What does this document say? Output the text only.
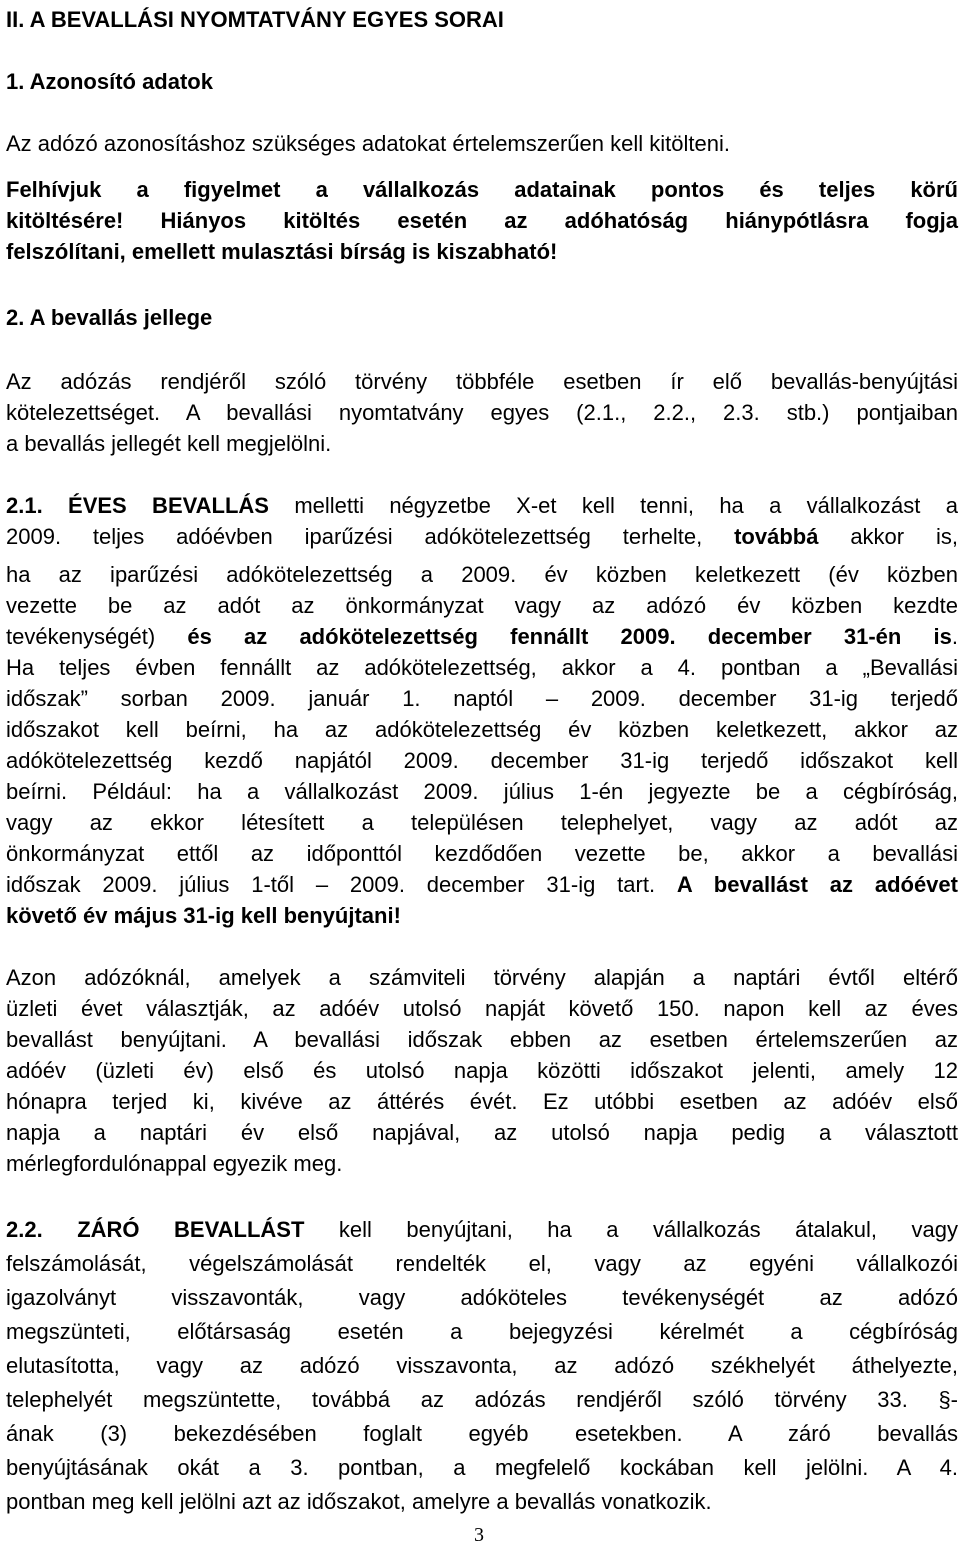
II. A BEVALLÁSI NYOMTATVÁNY EGYES SORAI
1. Azonosító adatok
Az adózó azonosításhoz szükséges adatokat értelemszerűen kell kitölteni.
Felhívjuk a figyelmet a vállalkozás adatainak pontos és teljes körű
kitöltésére! Hiányos kitöltés esetén az adóhatóság hiánypótlásra fogja
felszólítani, emellett mulasztási bírság is kiszabható!
2. A bevallás jellege
Az adózás rendjéről szóló törvény többféle esetben ír elő bevallás-benyújtási
kötelezettséget. A bevallási nyomtatvány egyes (2.1., 2.2., 2.3. stb.) pontjaiban
a bevallás jellegét kell megjelölni.
2.1. ÉVES BEVALLÁS melletti négyzetbe X-et kell tenni, ha a vállalkozást a
2009. teljes adóévben iparűzési adókötelezettség terhelte, továbbá akkor is,
ha az iparűzési adókötelezettség a 2009. év közben keletkezett (év közben
vezette be az adót az önkormányzat vagy az adózó év közben kezdte
tevékenységét) és az adókötelezettség fennállt 2009. december 31-én is.
Ha teljes évben fennállt az adókötelezettség, akkor a 4. pontban a „Bevallási
időszak” sorban 2009. január 1. naptól – 2009. december 31-ig terjedő
időszakot kell beírni, ha az adókötelezettség év közben keletkezett, akkor az
adókötelezettség kezdő napjától 2009. december 31-ig terjedő időszakot kell
beírni. Például: ha a vállalkozást 2009. július 1-én jegyezte be a cégbíróság,
vagy az ekkor létesített a településen telephelyet, vagy az adót az
önkormányzat ettől az időponttól kezdődően vezette be, akkor a bevallási
időszak 2009. július 1-től – 2009. december 31-ig tart. A bevallást az adóévet
követő év május 31-ig kell benyújtani!
Azon adózóknál, amelyek a számviteli törvény alapján a naptári évtől eltérő
üzleti évet választják, az adóév utolsó napját követő 150. napon kell az éves
bevallást benyújtani. A bevallási időszak ebben az esetben értelemszerűen az
adóév (üzleti év) első és utolsó napja közötti időszakot jelenti, amely 12
hónapra terjed ki, kivéve az áttérés évét. Ez utóbbi esetben az adóév első
napja a naptári év első napjával, az utolsó napja pedig a választott
mérlegfordulónappal egyezik meg.
2.2. ZÁRÓ BEVALLÁST kell benyújtani, ha a vállalkozás átalakul, vagy
felszámolását, végelszámolását rendelték el, vagy az egyéni vállalkozói
igazolványt visszavonták, vagy adóköteles tevékenységét az adózó
megszünteti, előtársaság esetén a bejegyzési kérelmét a cégbíróság
elutasította, vagy az adózó visszavonta, az adózó székhelyét áthelyezte,
telephelyét megszüntette, továbbá az adózás rendjéről szóló törvény 33. §-
ának (3) bekezdésében foglalt egyéb esetekben. A záró bevallás
benyújtásának okát a 3. pontban, a megfelelő kockában kell jelölni. A 4.
pontban meg kell jelölni azt az időszakot, amelyre a bevallás vonatkozik.
3
